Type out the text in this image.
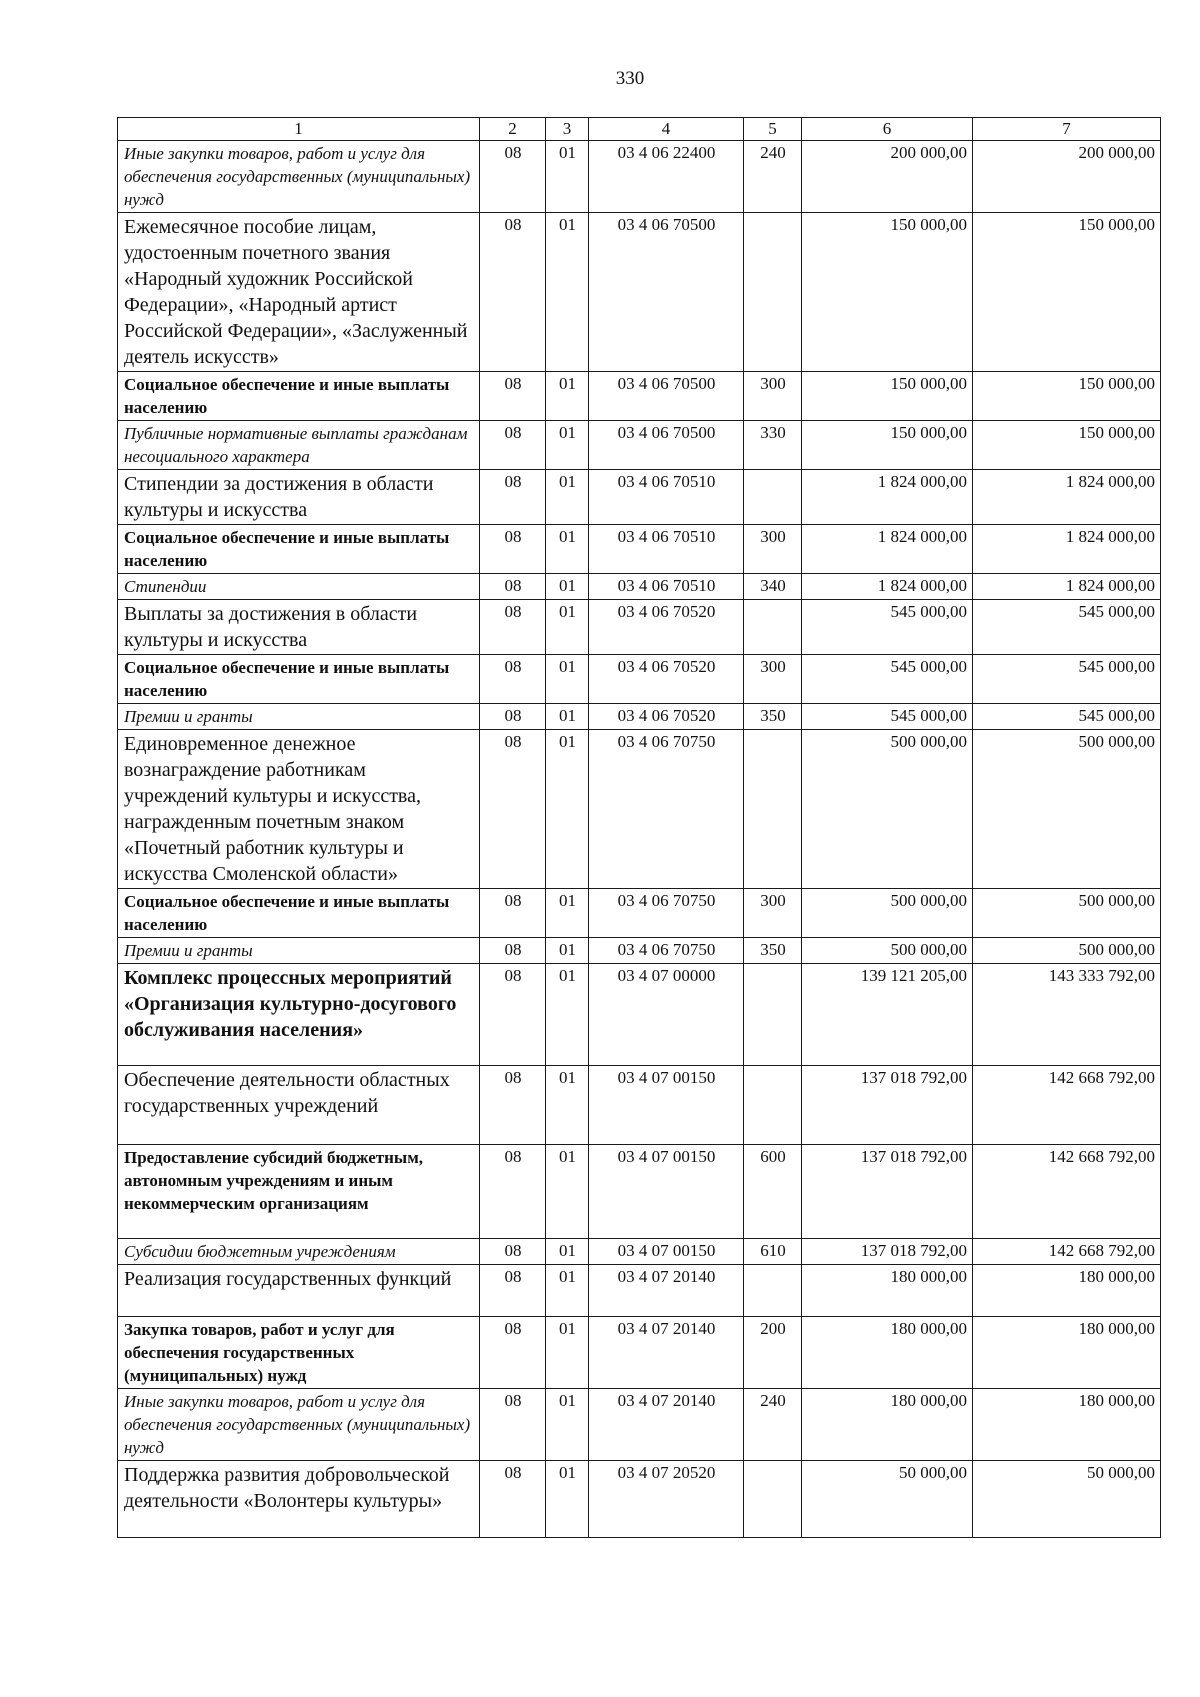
330
1	2	3	4	5	6	7
Иные закупки товаров, работ и услуг для обеспечения государственных (муниципальных) нужд	08	01	03 4 06 22400	240	200 000,00	200 000,00
Ежемесячное пособие лицам, удостоенным почетного звания «Народный художник Российской Федерации», «Народный артист Российской Федерации», «Заслуженный деятель искусств»	08	01	03 4 06 70500		150 000,00	150 000,00
Социальное обеспечение и иные выплаты населению	08	01	03 4 06 70500	300	150 000,00	150 000,00
Публичные нормативные выплаты гражданам несоциального характера	08	01	03 4 06 70500	330	150 000,00	150 000,00
Стипендии за достижения в области культуры и искусства	08	01	03 4 06 70510		1 824 000,00	1 824 000,00
Социальное обеспечение и иные выплаты населению	08	01	03 4 06 70510	300	1 824 000,00	1 824 000,00
Стипендии	08	01	03 4 06 70510	340	1 824 000,00	1 824 000,00
Выплаты за достижения в области культуры и искусства	08	01	03 4 06 70520		545 000,00	545 000,00
Социальное обеспечение и иные выплаты населению	08	01	03 4 06 70520	300	545 000,00	545 000,00
Премии и гранты	08	01	03 4 06 70520	350	545 000,00	545 000,00
Единовременное денежное вознаграждение работникам учреждений культуры и искусства, награжденным почетным знаком «Почетный работник культуры и искусства Смоленской области»	08	01	03 4 06 70750		500 000,00	500 000,00
Социальное обеспечение и иные выплаты населению	08	01	03 4 06 70750	300	500 000,00	500 000,00
Премии и гранты	08	01	03 4 06 70750	350	500 000,00	500 000,00
Комплекс процессных мероприятий «Организация культурно-досугового обслуживания населения»	08	01	03 4 07 00000		139 121 205,00	143 333 792,00
Обеспечение деятельности областных государственных учреждений	08	01	03 4 07 00150		137 018 792,00	142 668 792,00
Предоставление субсидий бюджетным, автономным учреждениям и иным некоммерческим организациям	08	01	03 4 07 00150	600	137 018 792,00	142 668 792,00
Субсидии бюджетным учреждениям	08	01	03 4 07 00150	610	137 018 792,00	142 668 792,00
Реализация государственных функций	08	01	03 4 07 20140		180 000,00	180 000,00
Закупка товаров, работ и услуг для обеспечения государственных (муниципальных) нужд	08	01	03 4 07 20140	200	180 000,00	180 000,00
Иные закупки товаров, работ и услуг для обеспечения государственных (муниципальных) нужд	08	01	03 4 07 20140	240	180 000,00	180 000,00
Поддержка развития добровольческой деятельности «Волонтеры культуры»	08	01	03 4 07 20520		50 000,00	50 000,00
